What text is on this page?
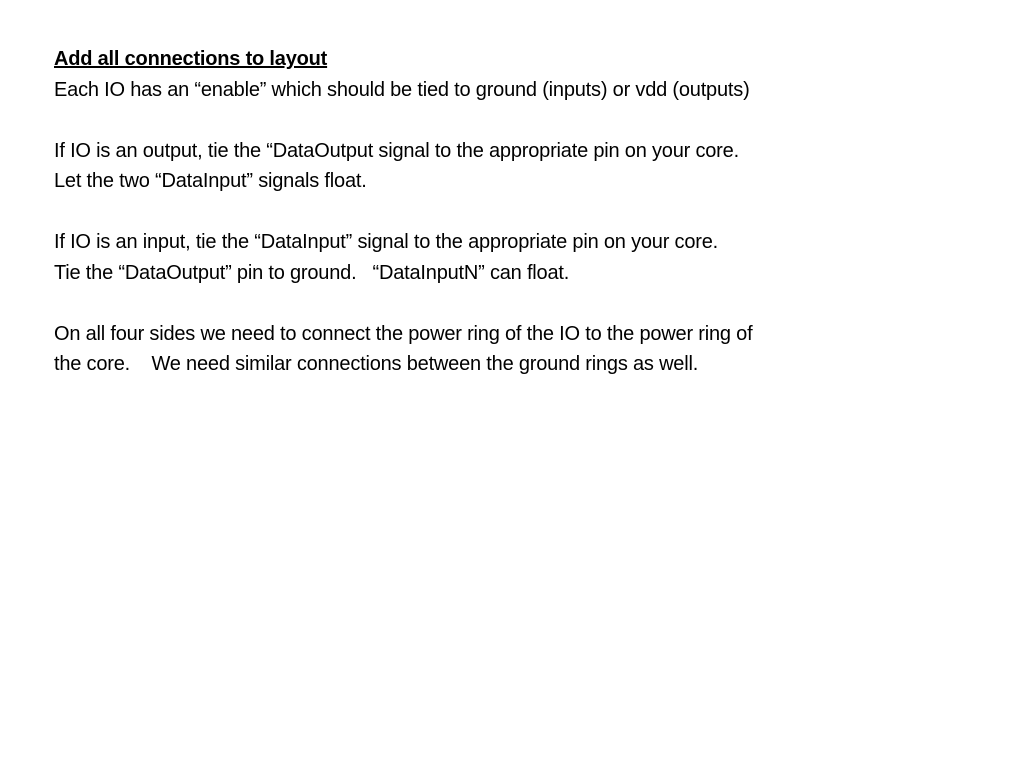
Add all connections to layout
Each IO has an “enable” which should be tied to ground (inputs) or vdd (outputs)
If IO is an output, tie the “DataOutput signal to the appropriate pin on your core.
Let the two “DataInput” signals float.
If IO is an input, tie the “DataInput” signal to the appropriate pin on your core.
Tie the “DataOutput” pin to ground.   “DataInputN” can float.
On all four sides we need to connect the power ring of the IO to the power ring of
the core.    We need similar connections between the ground rings as well.
